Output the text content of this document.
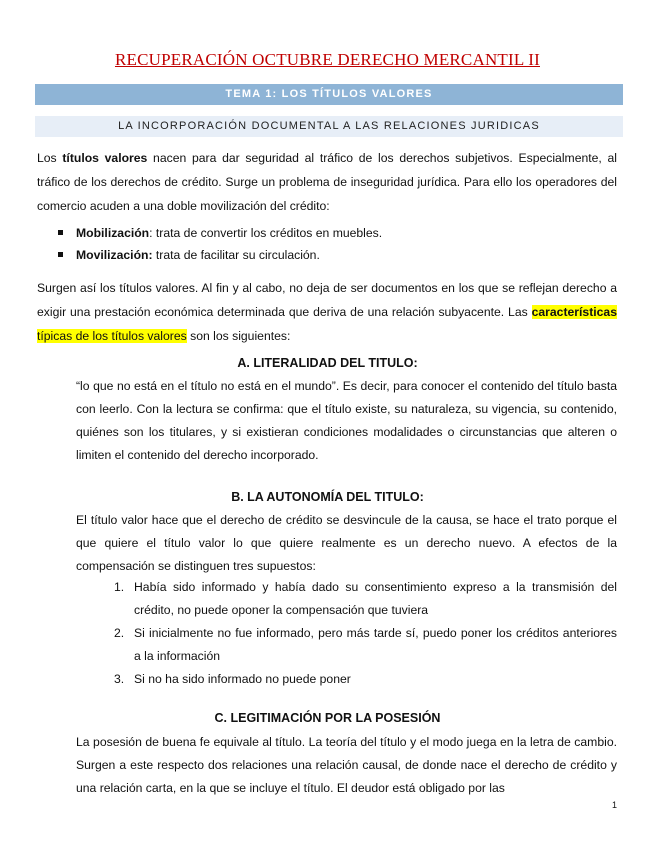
RECUPERACIÓN OCTUBRE DERECHO MERCANTIL II
TEMA 1: LOS TÍTULOS VALORES
LA INCORPORACIÓN DOCUMENTAL A LAS RELACIONES JURIDICAS
Los títulos valores nacen para dar seguridad al tráfico de los derechos subjetivos. Especialmente, al tráfico de los derechos de crédito. Surge un problema de inseguridad jurídica. Para ello los operadores del comercio acuden a una doble movilización del crédito:
Mobilización: trata de convertir los créditos en muebles.
Movilización: trata de facilitar su circulación.
Surgen así los títulos valores. Al fin y al cabo, no deja de ser documentos en los que se reflejan derecho a exigir una prestación económica determinada que deriva de una relación subyacente. Las características típicas de los títulos valores son los siguientes:
A. LITERALIDAD DEL TITULO:
“lo que no está en el título no está en el mundo”. Es decir, para conocer el contenido del título basta con leerlo. Con la lectura se confirma: que el título existe, su naturaleza, su vigencia, su contenido, quiénes son los titulares, y si existieran condiciones modalidades o circunstancias que alteren o limiten el contenido del derecho incorporado.
B. LA AUTONOMÍA DEL TITULO:
El título valor hace que el derecho de crédito se desvincule de la causa, se hace el trato porque el que quiere el título valor lo que quiere realmente es un derecho nuevo. A efectos de la compensación se distinguen tres supuestos:
1. Había sido informado y había dado su consentimiento expreso a la transmisión del crédito, no puede oponer la compensación que tuviera
2. Si inicialmente no fue informado, pero más tarde sí, puedo poner los créditos anteriores a la información
3. Si no ha sido informado no puede poner
C. LEGITIMACIÓN POR LA POSESIÓN
La posesión de buena fe equivale al título. La teoría del título y el modo juega en la letra de cambio. Surgen a este respecto dos relaciones una relación causal, de donde nace el derecho de crédito y una relación carta, en la que se incluye el título. El deudor está obligado por las
1
